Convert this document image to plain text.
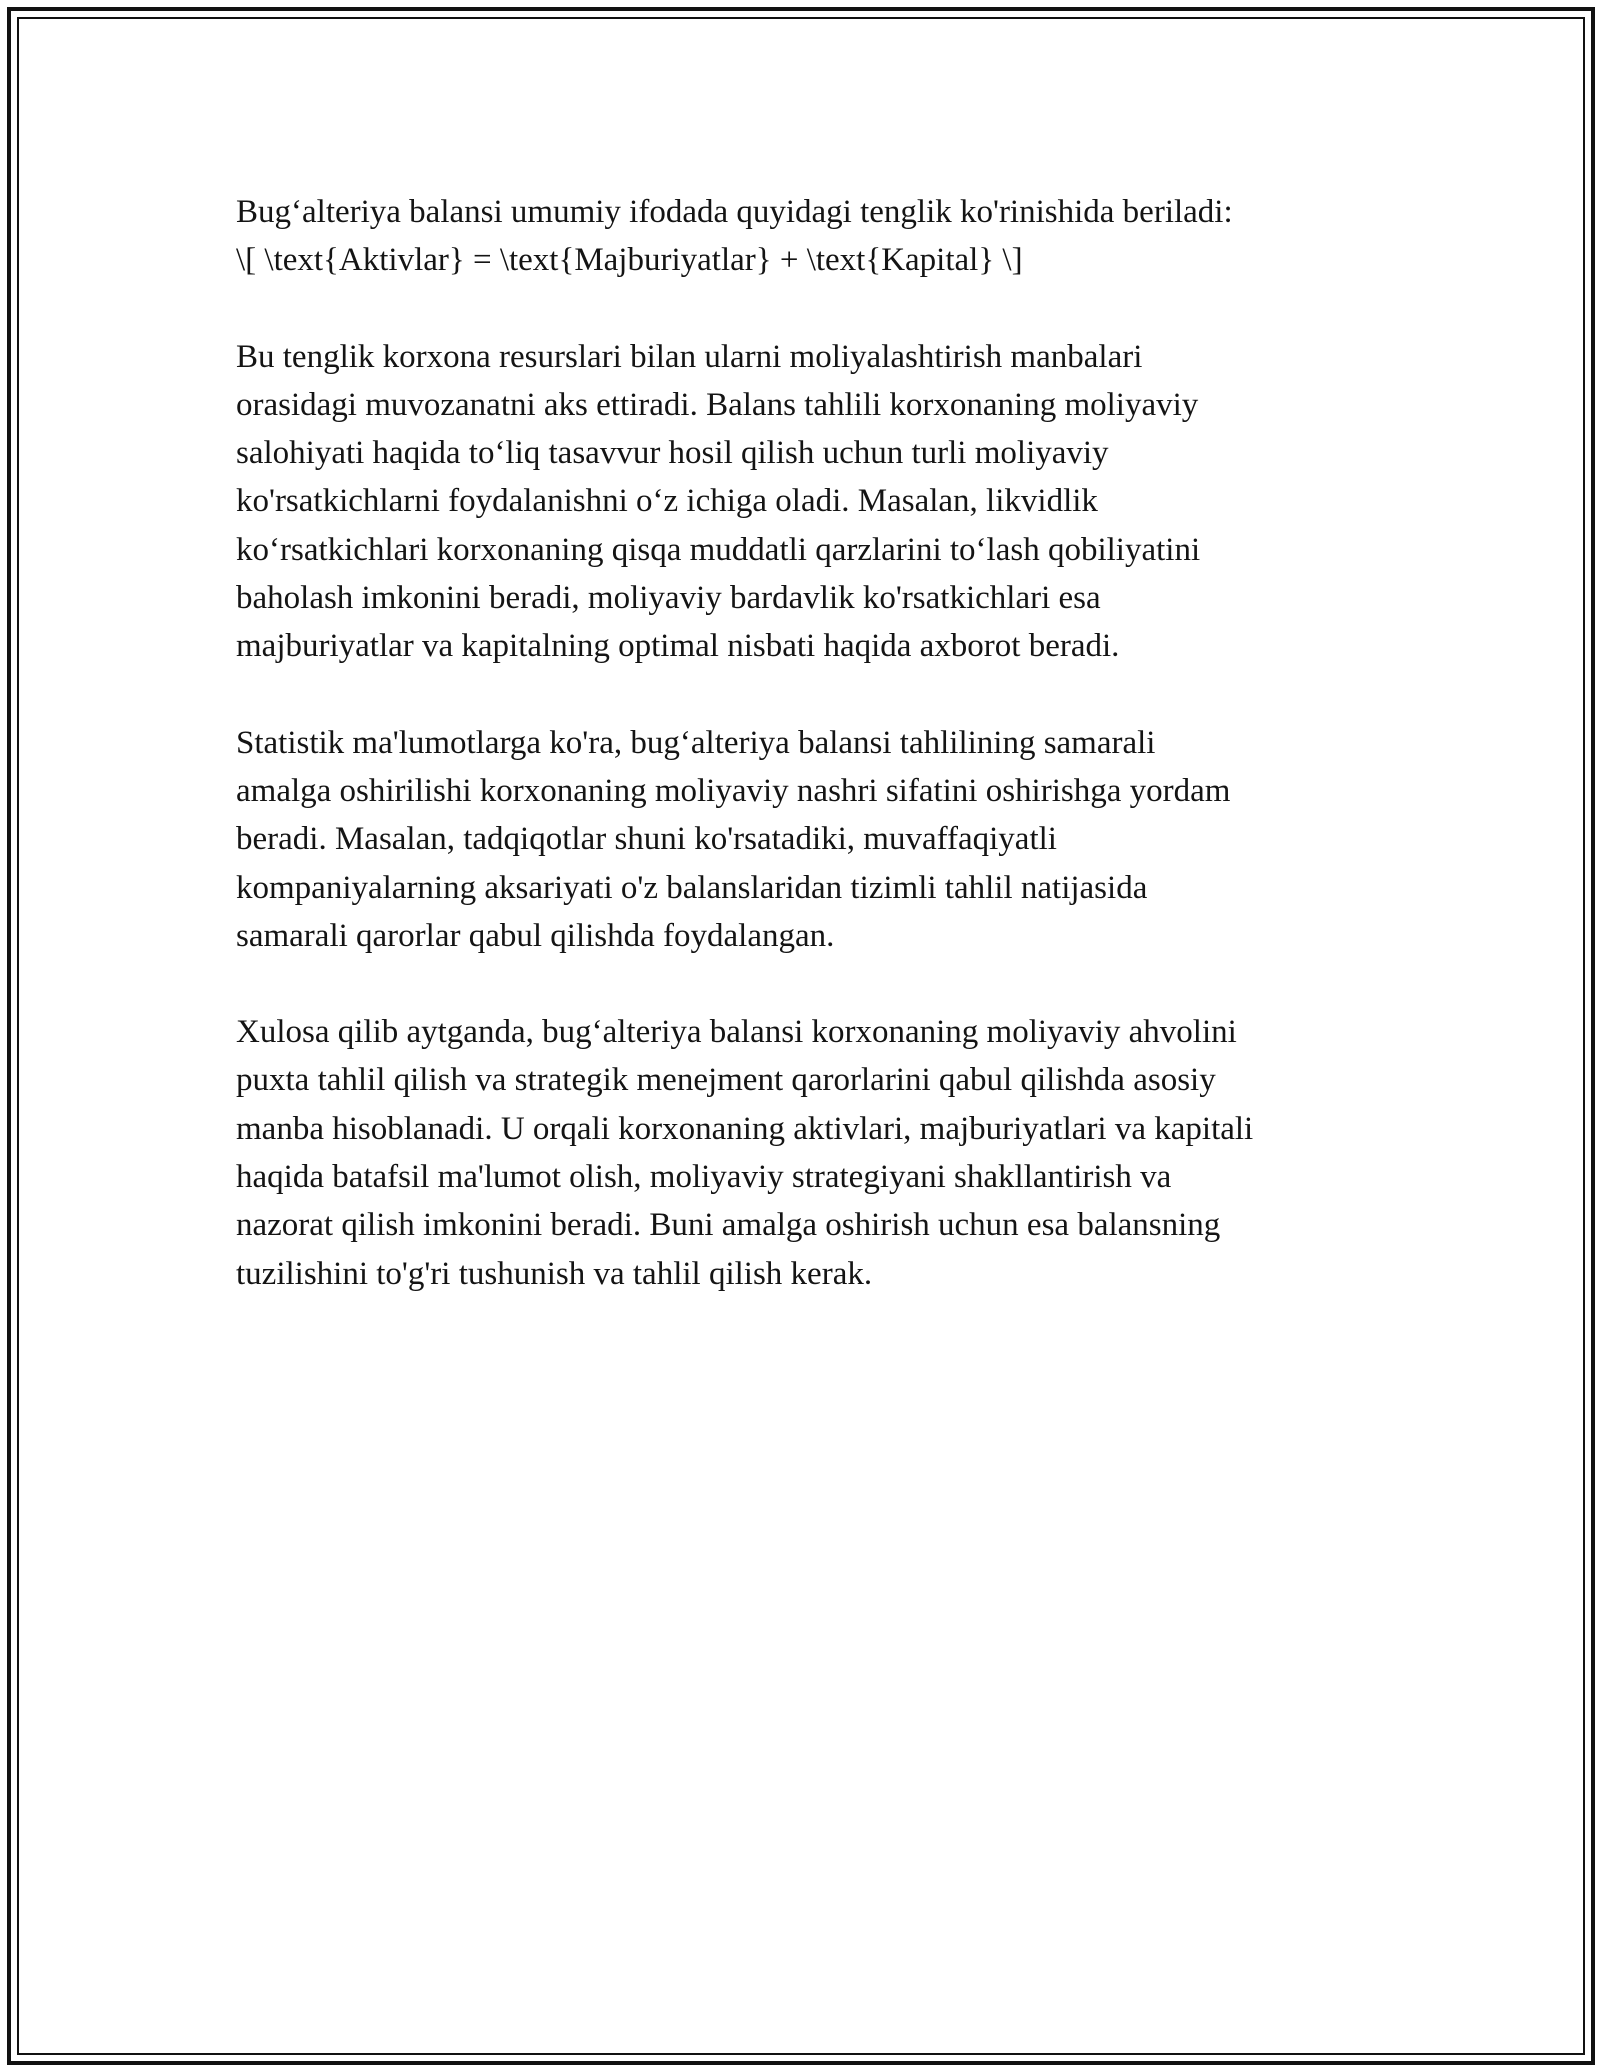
Bug‘alteriya balansi umumiy ifodada quyidagi tenglik ko'rinishida beriladi:
\[ \text{Aktivlar} = \text{Majburiyatlar} + \text{Kapital} \]

Bu tenglik korxona resurslari bilan ularni moliyalashtirish manbalari
orasidagi muvozanatni aks ettiradi. Balans tahlili korxonaning moliyaviy
salohiyati haqida to‘liq tasavvur hosil qilish uchun turli moliyaviy
ko'rsatkichlarni foydalanishni o‘z ichiga oladi. Masalan, likvidlik
ko‘rsatkichlari korxonaning qisqa muddatli qarzlarini to‘lash qobiliyatini
baholash imkonini beradi, moliyaviy bardavlik ko'rsatkichlari esa
majburiyatlar va kapitalning optimal nisbati haqida axborot beradi.

Statistik ma'lumotlarga ko'ra, bug‘alteriya balansi tahlilining samarali
amalga oshirilishi korxonaning moliyaviy nashri sifatini oshirishga yordam
beradi. Masalan, tadqiqotlar shuni ko'rsatadiki, muvaffaqiyatli
kompaniyalarning aksariyati o'z balanslaridan tizimli tahlil natijasida
samarali qarorlar qabul qilishda foydalangan.

Xulosa qilib aytganda, bug‘alteriya balansi korxonaning moliyaviy ahvolini
puxta tahlil qilish va strategik menejment qarorlarini qabul qilishda asosiy
manba hisoblanadi. U orqali korxonaning aktivlari, majburiyatlari va kapitali
haqida batafsil ma'lumot olish, moliyaviy strategiyani shakllantirish va
nazorat qilish imkonini beradi. Buni amalga oshirish uchun esa balansning
tuzilishini to'g'ri tushunish va tahlil qilish kerak.
